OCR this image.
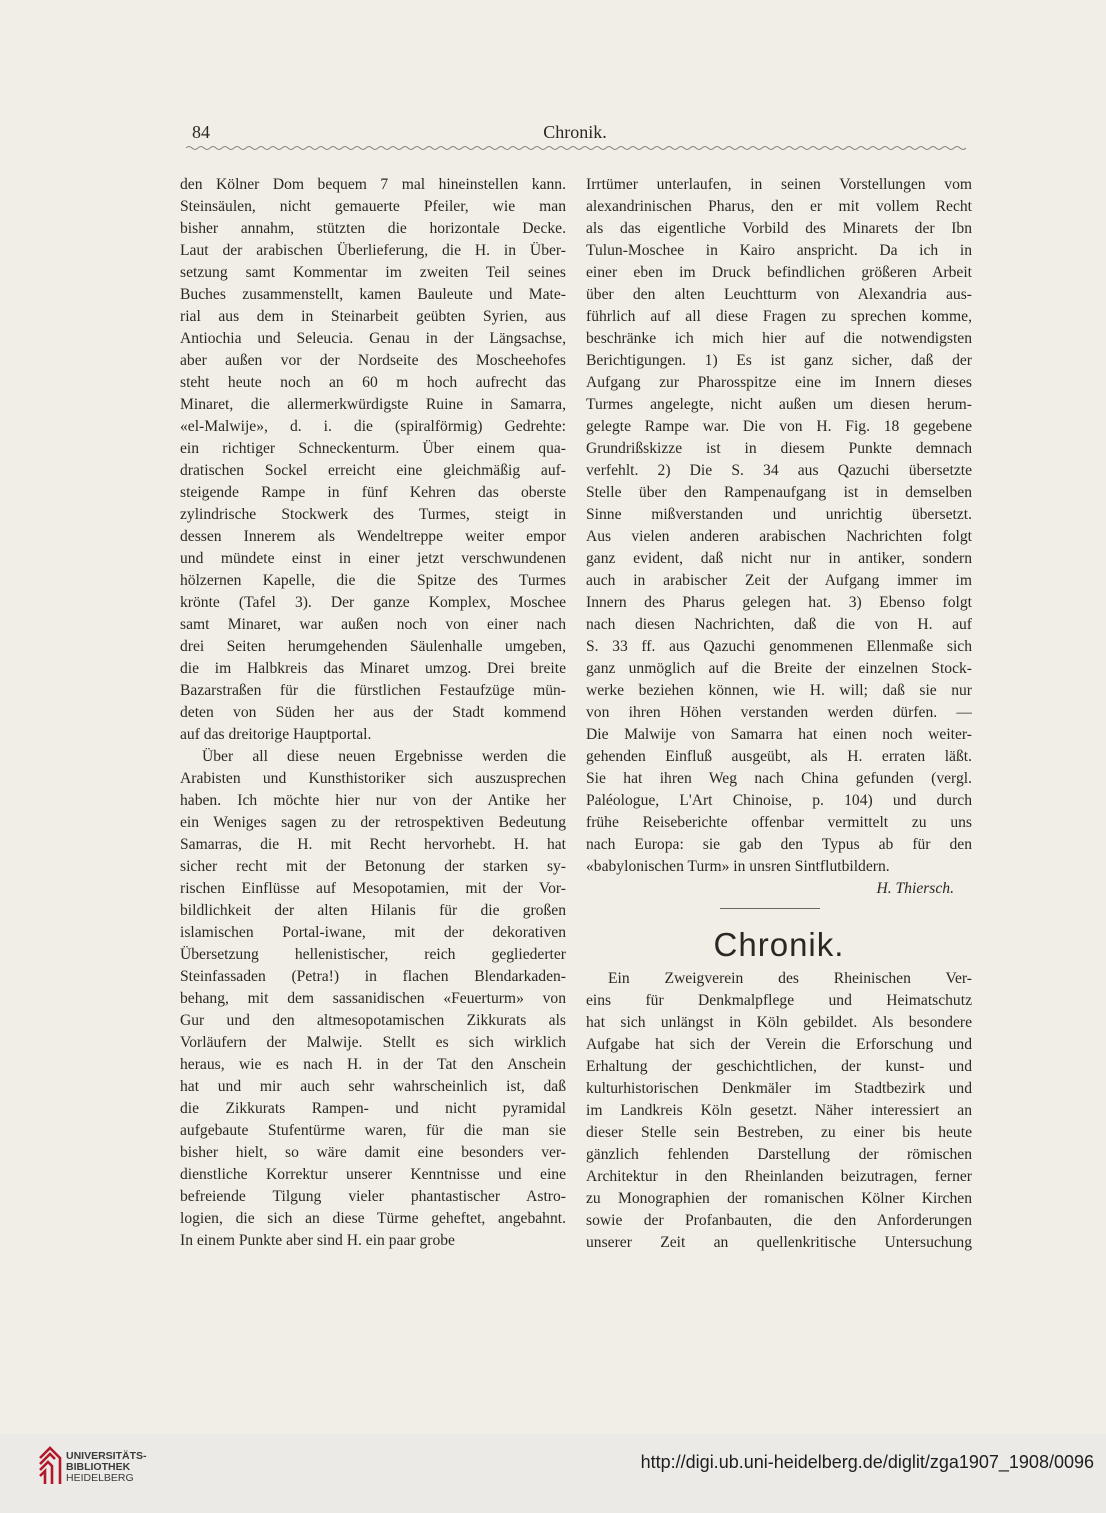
84	Chronik.
den Kölner Dom bequem 7 mal hineinstellen kann.
Steinsäulen, nicht gemauerte Pfeiler, wie man
bisher annahm, stützten die horizontale Decke.
Laut der arabischen Überlieferung, die H. in Über-
setzung samt Kommentar im zweiten Teil seines
Buches zusammenstellt, kamen Bauleute und Mate-
rial aus dem in Steinarbeit geübten Syrien, aus
Antiochia und Seleucia. Genau in der Längsachse,
aber außen vor der Nordseite des Moscheehofes
steht heute noch an 60 m hoch aufrecht das
Minaret, die allermerkwürdigste Ruine in Samarra,
«el-Malwije», d. i. die (spiralförmig) Gedrehte:
ein richtiger Schneckenturm. Über einem qua-
dratischen Sockel erreicht eine gleichmäßig auf-
steigende Rampe in fünf Kehren das oberste
zylindrische Stockwerk des Turmes, steigt in
dessen Innerem als Wendeltreppe weiter empor
und mündete einst in einer jetzt verschwundenen
hölzernen Kapelle, die die Spitze des Turmes
krönte (Tafel 3). Der ganze Komplex, Moschee
samt Minaret, war außen noch von einer nach
drei Seiten herumgehenden Säulenhalle umgeben,
die im Halbkreis das Minaret umzog. Drei breite
Bazarstraßen für die fürstlichen Festaufzüge mün-
deten von Süden her aus der Stadt kommend
auf das dreitorige Hauptportal.
Über all diese neuen Ergebnisse werden die
Arabisten und Kunsthistoriker sich auszusprechen
haben. Ich möchte hier nur von der Antike her
ein Weniges sagen zu der retrospektiven Bedeutung
Samarras, die H. mit Recht hervorhebt. H. hat
sicher recht mit der Betonung der starken sy-
rischen Einflüsse auf Mesopotamien, mit der Vor-
bildlichkeit der alten Hilanis für die großen
islamischen Portal-iwane, mit der dekorativen
Übersetzung hellenistischer, reich gegliederter
Steinfassaden (Petra!) in flachen Blendarkaden-
behang, mit dem sassanidischen «Feuerturm» von
Gur und den altmesopotamischen Zikkurats als
Vorläufern der Malwije. Stellt es sich wirklich
heraus, wie es nach H. in der Tat den Anschein
hat und mir auch sehr wahrscheinlich ist, daß
die Zikkurats Rampen- und nicht pyramidal
aufgebaute Stufentürme waren, für die man sie
bisher hielt, so wäre damit eine besonders ver-
dienstliche Korrektur unserer Kenntnisse und eine
befreiende Tilgung vieler phantastischer Astro-
logien, die sich an diese Türme geheftet, angebahnt.
In einem Punkte aber sind H. ein paar grobe
Irrtümer unterlaufen, in seinen Vorstellungen vom
alexandrinischen Pharus, den er mit vollem Recht
als das eigentliche Vorbild des Minarets der Ibn
Tulun-Moschee in Kairo anspricht. Da ich in
einer eben im Druck befindlichen größeren Arbeit
über den alten Leuchtturm von Alexandria aus-
führlich auf all diese Fragen zu sprechen komme,
beschränke ich mich hier auf die notwendigsten
Berichtigungen. 1) Es ist ganz sicher, daß der
Aufgang zur Pharosspitze eine im Innern dieses
Turmes angelegte, nicht außen um diesen herum-
gelegte Rampe war. Die von H. Fig. 18 gegebene
Grundrißskizze ist in diesem Punkte demnach
verfehlt. 2) Die S. 34 aus Qazuchi übersetzte
Stelle über den Rampenaufgang ist in demselben
Sinne mißverstanden und unrichtig übersetzt.
Aus vielen anderen arabischen Nachrichten folgt
ganz evident, daß nicht nur in antiker, sondern
auch in arabischer Zeit der Aufgang immer im
Innern des Pharus gelegen hat. 3) Ebenso folgt
nach diesen Nachrichten, daß die von H. auf
S. 33 ff. aus Qazuchi genommenen Ellenmaße sich
ganz unmöglich auf die Breite der einzelnen Stock-
werke beziehen können, wie H. will; daß sie nur
von ihren Höhen verstanden werden dürfen. —
Die Malwije von Samarra hat einen noch weiter-
gehenden Einfluß ausgeübt, als H. erraten läßt.
Sie hat ihren Weg nach China gefunden (vergl.
Paléologue, L'Art Chinoise, p. 104) und durch
frühe Reiseberichte offenbar vermittelt zu uns
nach Europa: sie gab den Typus ab für den
«babylonischen Turm» in unsren Sintflutbildern.
H. Thiersch.
Chronik.
Ein Zweigverein des Rheinischen Ver-
eins für Denkmalpflege und Heimatschutz
hat sich unlängst in Köln gebildet. Als besondere
Aufgabe hat sich der Verein die Erforschung und
Erhaltung der geschichtlichen, der kunst- und
kulturhistorischen Denkmäler im Stadtbezirk und
im Landkreis Köln gesetzt. Näher interessiert an
dieser Stelle sein Bestreben, zu einer bis heute
gänzlich fehlenden Darstellung der römischen
Architektur in den Rheinlanden beizutragen, ferner
zu Monographien der romanischen Kölner Kirchen
sowie der Profanbauten, die den Anforderungen
unserer Zeit an quellenkritische Untersuchung
UNIVERSITÄTS-
BIBLIOTHEK
HEIDELBERG
http://digi.ub.uni-heidelberg.de/diglit/zga1907_1908/0096
